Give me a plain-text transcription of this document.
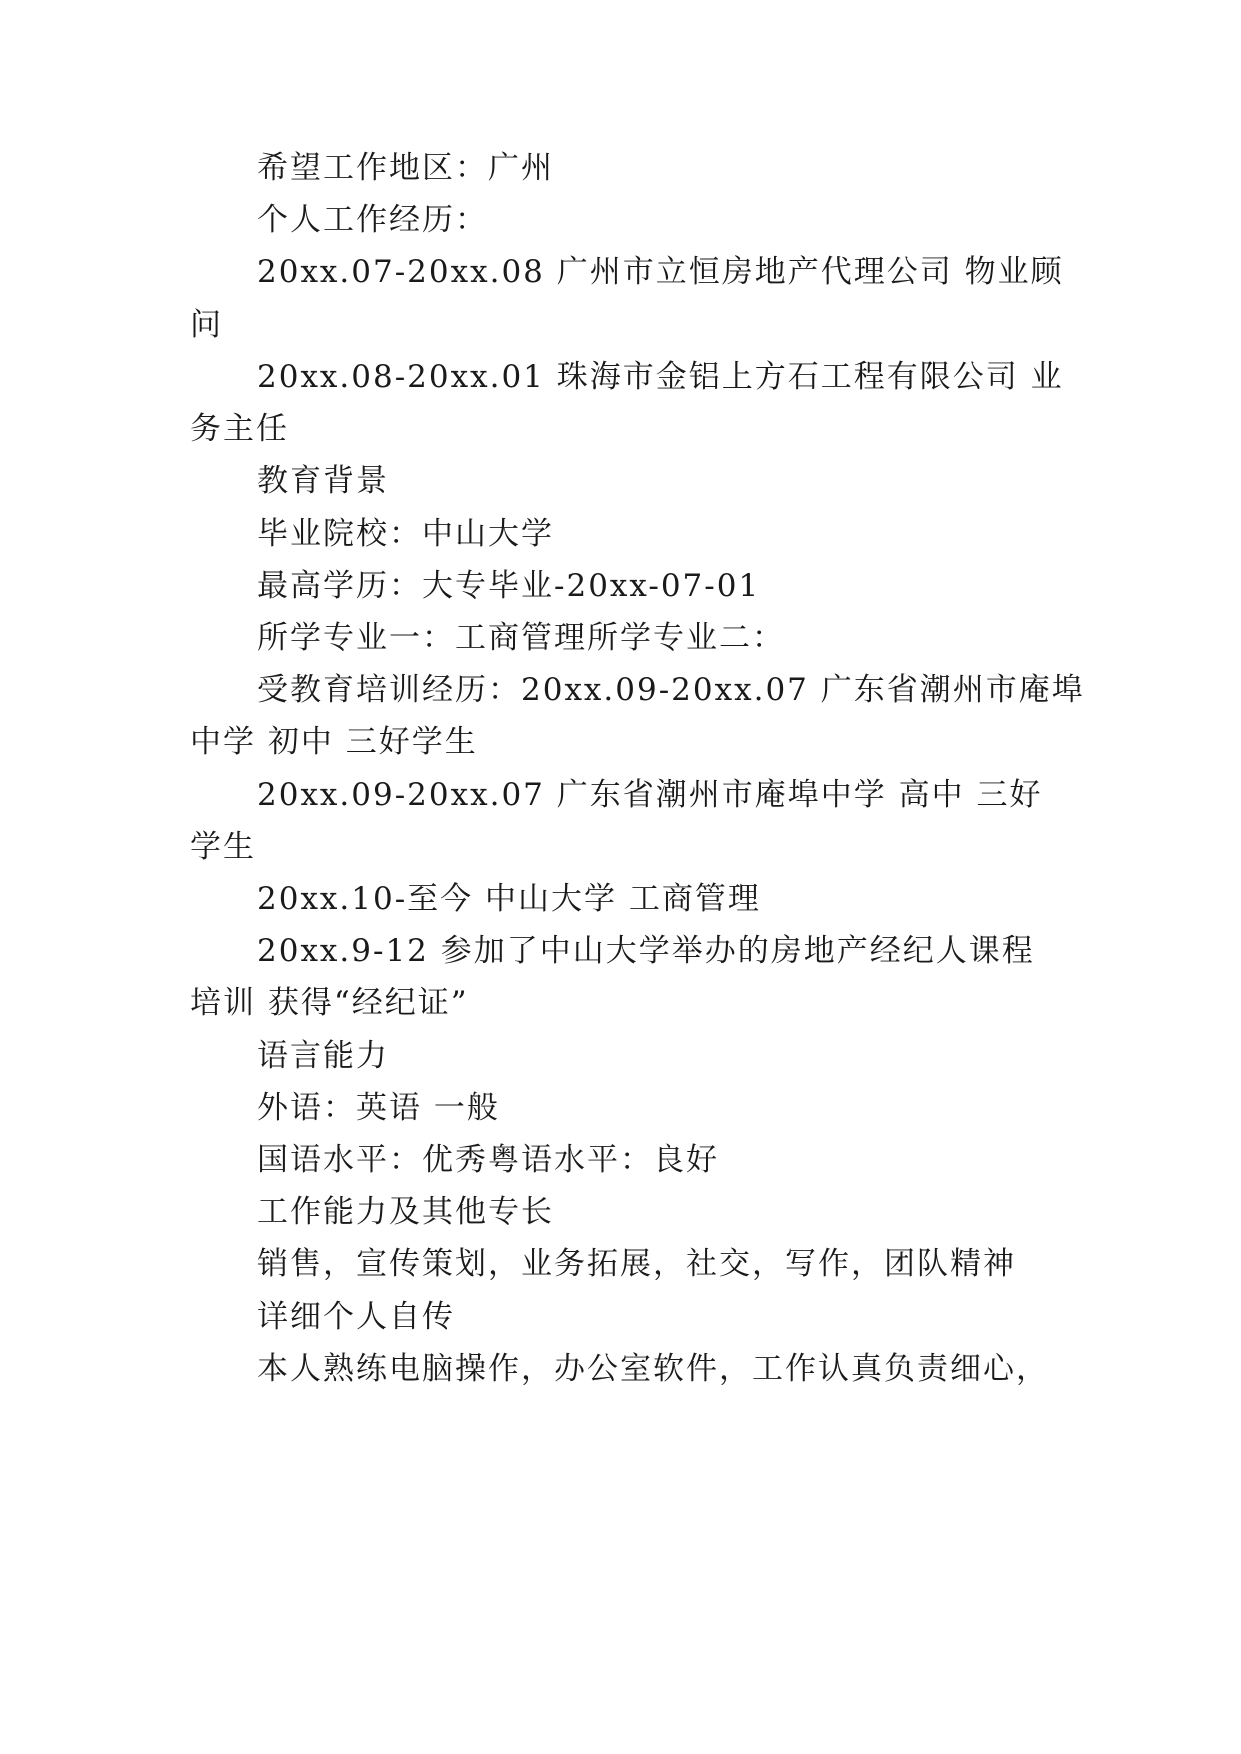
希望工作地区：广州
个人工作经历：
20xx.07-20xx.08 广州市立恒房地产代理公司 物业顾
问
20xx.08-20xx.01 珠海市金铝上方石工程有限公司 业
务主任
教育背景
毕业院校：中山大学
最高学历：大专毕业-20xx-07-01
所学专业一：工商管理所学专业二：
受教育培训经历：20xx.09-20xx.07 广东省潮州市庵埠
中学 初中 三好学生
20xx.09-20xx.07 广东省潮州市庵埠中学 高中 三好
学生
20xx.10-至今 中山大学 工商管理
20xx.9-12 参加了中山大学举办的房地产经纪人课程
培训 获得“经纪证”
语言能力
外语：英语 一般
国语水平：优秀粤语水平：良好
工作能力及其他专长
销售，宣传策划，业务拓展，社交，写作，团队精神
详细个人自传
本人熟练电脑操作，办公室软件，工作认真负责细心，
